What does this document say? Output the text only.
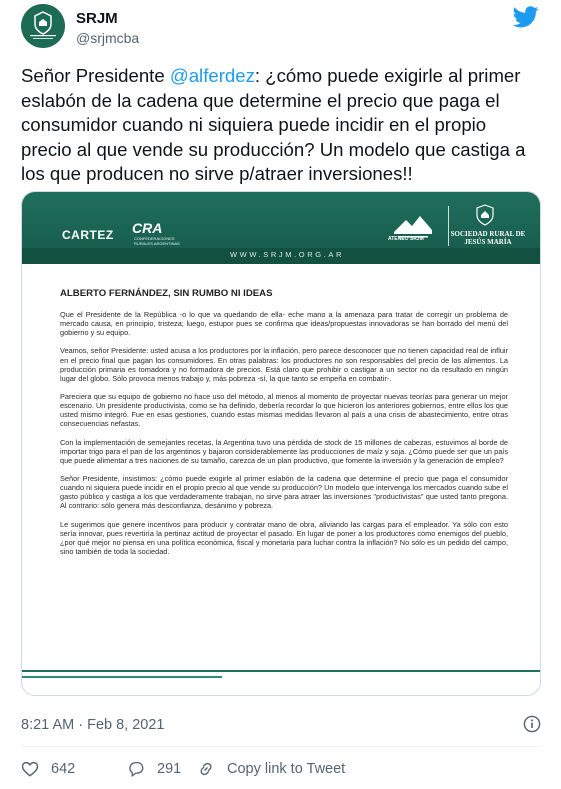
SRJM
@srjmcba
Señor Presidente @alferdez: ¿cómo puede exigirle al primer eslabón de la cadena que determine el precio que paga el consumidor cuando ni siquiera puede incidir en el propio precio al que vende su producción? Un modelo que castiga a los que producen no sirve p/atraer inversiones!!
CARTEZ CRA
CONFEDERACIONES RURALES ARGENTINAS
WWW.SRJM.ORG.AR
ATENEO SRJM
SOCIEDAD RURAL DE JESÚS MARÍA
ALBERTO FERNÁNDEZ, SIN RUMBO NI IDEAS

Que el Presidente de la República -o lo que va quedando de ella- eche mano a la amenaza para tratar de corregir un problema de mercado causa, en principio, tristeza; luego, estupor pues se confirma que ideas/propuestas innovadoras se han borrado del menú del gobierno y su equipo.

Veamos, señor Presidente: usted acusa a los productores por la inflación, pero parece desconocer que no tienen capacidad real de influir en el precio final que pagan los consumidores. En otras palabras: los productores no son responsables del precio de los alimentos. La producción primaria es tomadora y no formadora de precios. Está claro que prohibir o castigar a un sector no da resultado en ningún lugar del globo. Sólo provoca menos trabajo y, más pobreza -sí, la que tanto se empeña en combatir-.

Pareciera que su equipo de gobierno no hace uso del método, al menos al momento de proyectar nuevas teorías para generar un mejor escenario. Un presidente productivista, como se ha definido, debería recordar lo que hicieron los anteriores gobiernos, entre ellos los que usted mismo integró. Fue en esas gestiones, cuando estas mismas medidas llevaron al país a una crisis de abastecimiento, entre otras consecuencias nefastas.

Con la implementación de semejantes recetas, la Argentina tuvo una pérdida de stock de 15 millones de cabezas, estuvimos al borde de importar trigo para el pan de los argentinos y bajaron considerablemente las producciones de maíz y soja. ¿Cómo puede ser que un país que puede alimentar a tres naciones de su tamaño, carezca de un plan productivo, que fomente la inversión y la generación de empleo?

Señor Presidente, insistimos: ¿cómo puede exigirle al primer eslabón de la cadena que determine el precio que paga el consumidor cuando ni siquiera puede incidir en el propio precio al que vende su producción? Un modelo que intervenga los mercados cuando sube el gasto público y castiga a los que verdaderamente trabajan, no sirve para atraer las inversiones "productivistas" que usted tanto pregona. Al contrario: sólo genera más desconfianza, desánimo y pobreza.

Le sugerimos que genere incentivos para producir y contratar mano de obra, aliviando las cargas para el empleador. Ya sólo con esto sería innovar, pues revertiría la pertinaz actitud de proyectar el pasado. En lugar de poner a los productores como enemigos del pueblo, ¿por qué mejor no piensa en una política económica, fiscal y monetaria para luchar contra la inflación? No sólo es un pedido del campo, sino también de toda la sociedad.

8:21 AM · Feb 8, 2021
642	291	Copy link to Tweet
